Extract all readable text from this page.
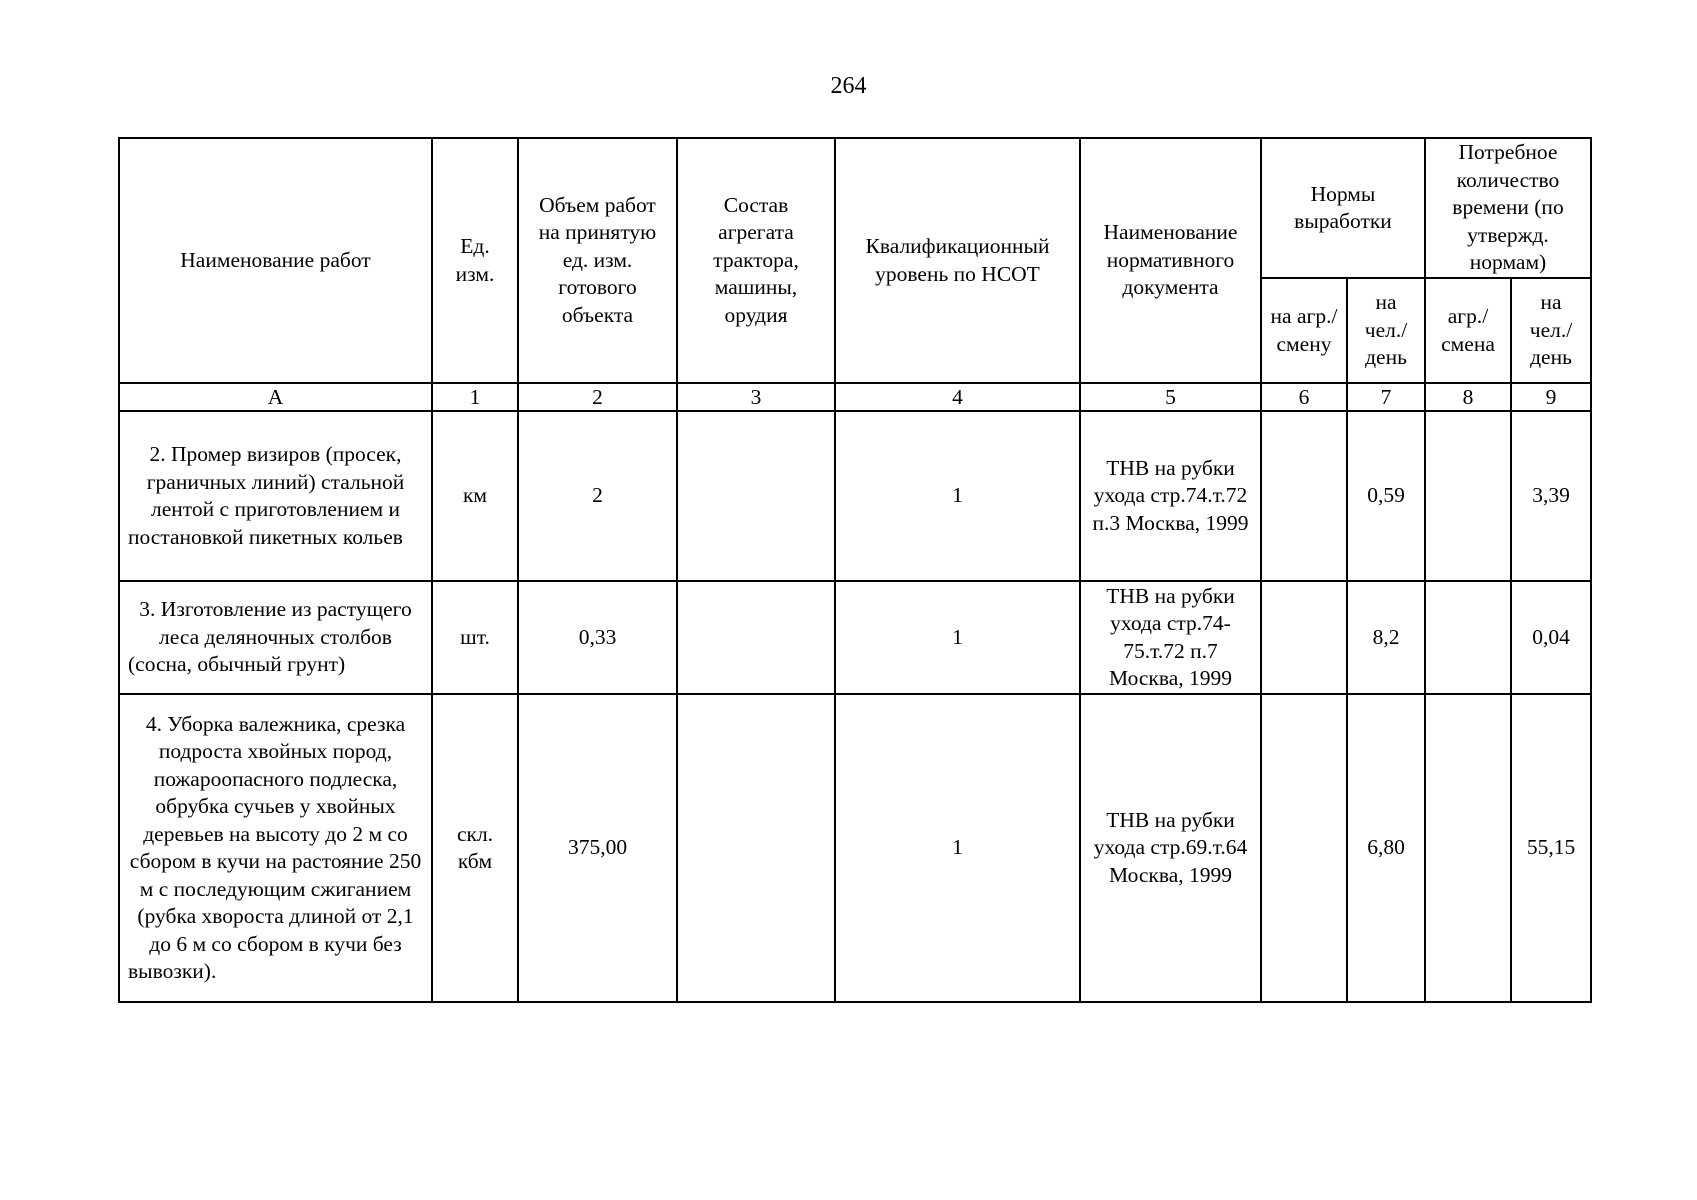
264
Наименование работ	Ед. изм.	Объем работ на принятую ед. изм. готового объекта	Состав агрегата трактора, машины, орудия	Квалификационный уровень по НСОТ	Наименование нормативного документа	Нормы выработки		Потребное количество времени (по утвержд. нормам)	
						на агр./ смену	на чел./ день	агр./ смена	на чел./ день
А	1	2	3	4	5	6	7	8	9
2. Промер визиров (просек, граничных линий) стальной лентой с приготовлением и постановкой пикетных кольев	км	2		1	ТНВ на рубки ухода стр.74.т.72 п.3 Москва, 1999		0,59		3,39
3. Изготовление из растущего леса деляночных столбов (сосна, обычный грунт)	шт.	0,33		1	ТНВ на рубки ухода стр.74-75.т.72 п.7 Москва, 1999		8,2		0,04
4. Уборка валежника, срезка подроста хвойных пород, пожароопасного подлеска, обрубка сучьев у хвойных деревьев на высоту до 2 м со сбором в кучи на растояние 250 м с последующим сжиганием (рубка хвороста длиной от 2,1 до 6 м со сбором в кучи без вывозки).	скл. кбм	375,00		1	ТНВ на рубки ухода стр.69.т.64 Москва, 1999		6,80		55,15
